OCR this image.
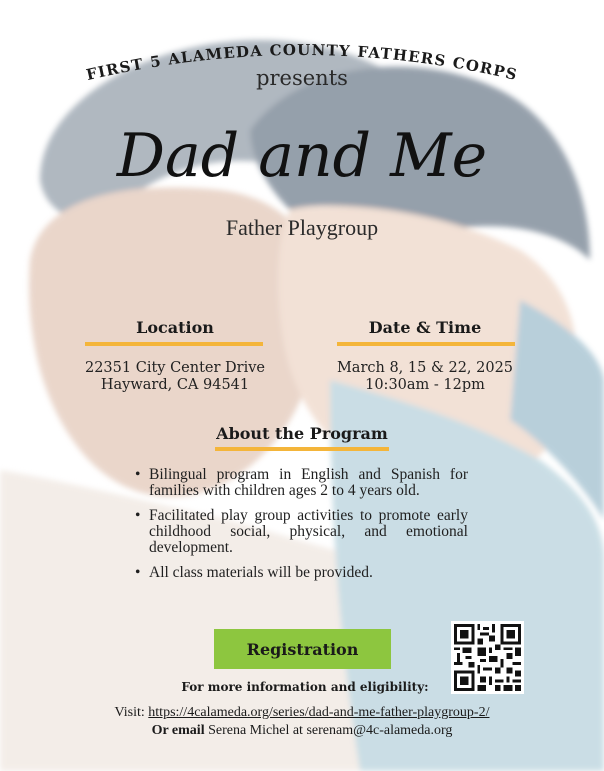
FIRST 5 ALAMEDA COUNTY FATHERS CORPS
presents
Dad and Me
Father Playgroup
Location
22351 City Center Drive
Hayward, CA 94541
Date & Time
March 8, 15 & 22, 2025
10:30am - 12pm
About the Program
• Bilingual program in English and Spanish for families with children ages 2 to 4 years old.
• Facilitated play group activities to promote early childhood social, physical, and emotional development.
• All class materials will be provided.
Registration
For more information and eligibility:
Visit: https://4calameda.org/series/dad-and-me-father-playgroup-2/
Or email Serena Michel at serenam@4c-alameda.org
